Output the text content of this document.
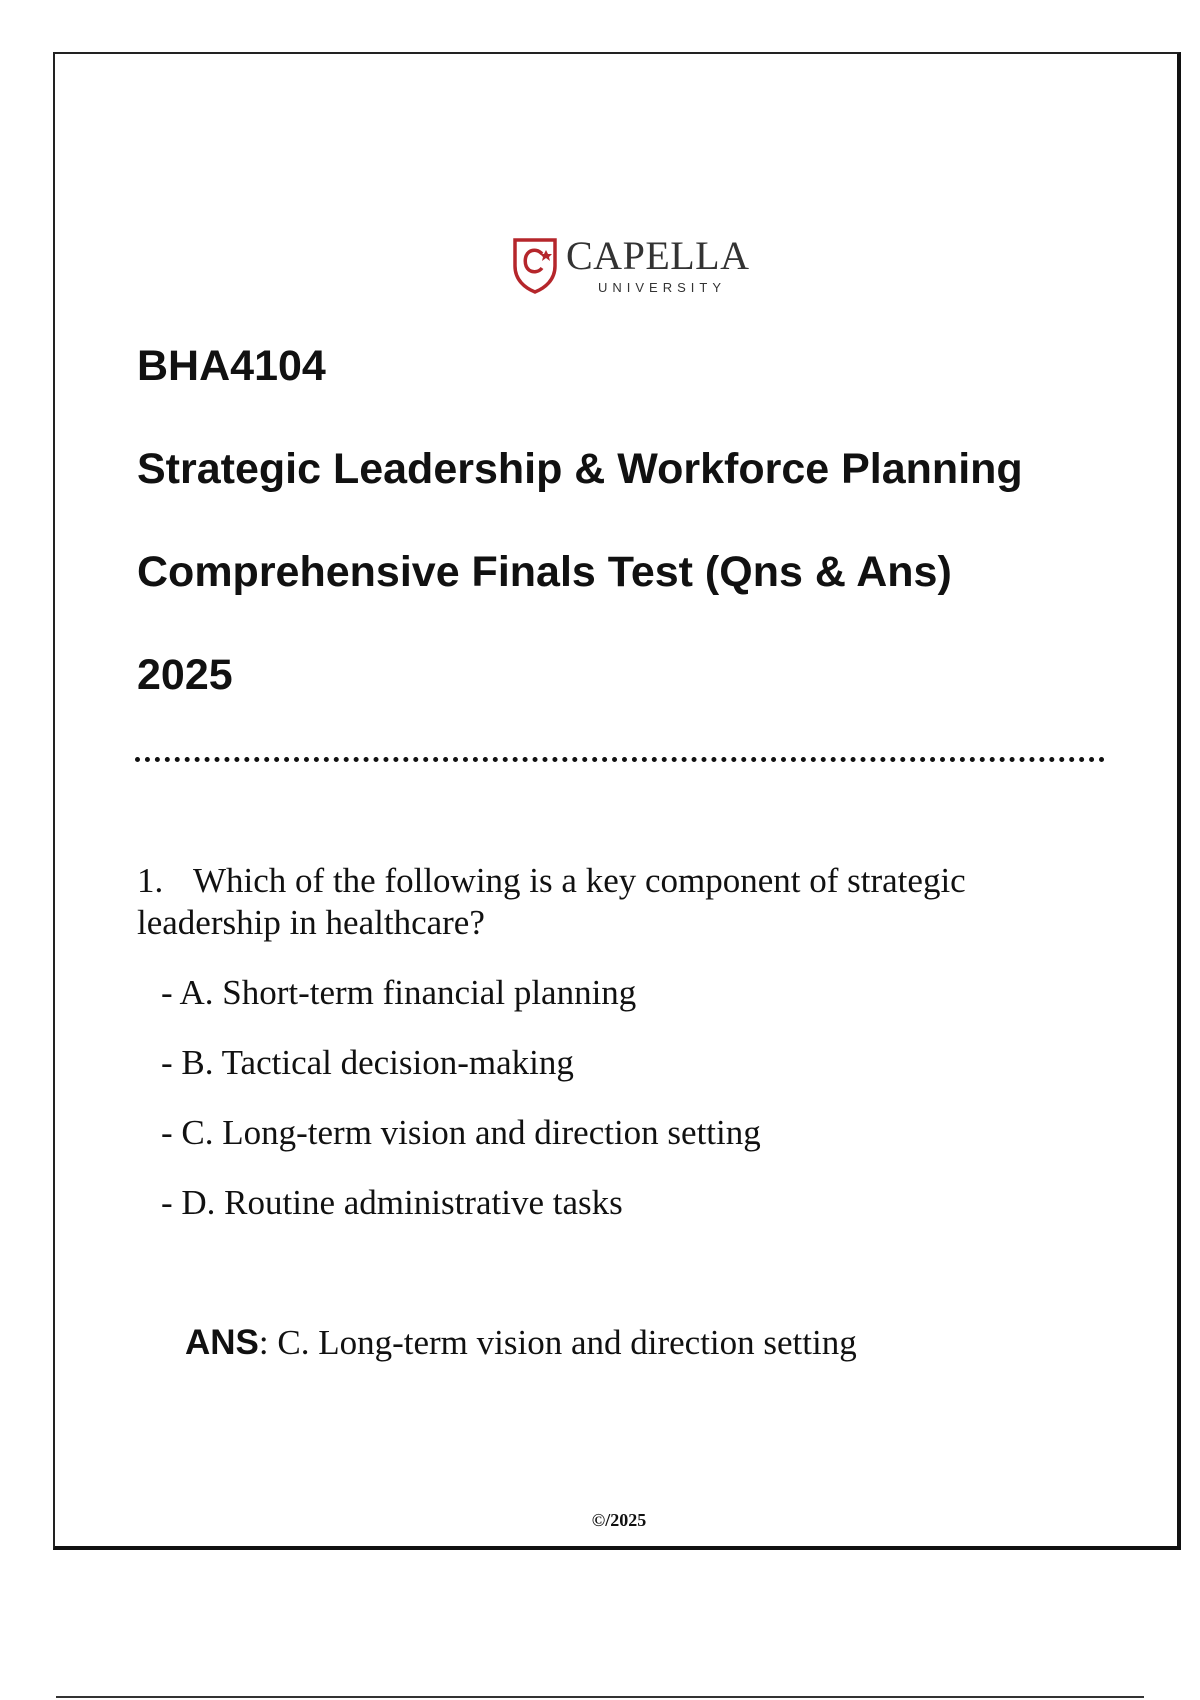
CAPELLA
UNIVERSITY
BHA4104
Strategic Leadership & Workforce Planning
Comprehensive Finals Test (Qns & Ans)
2025

1. Which of the following is a key component of strategic leadership in healthcare?

- A. Short-term financial planning
- B. Tactical decision-making
- C. Long-term vision and direction setting
- D. Routine administrative tasks
ANS: C. Long-term vision and direction setting
©/2025
